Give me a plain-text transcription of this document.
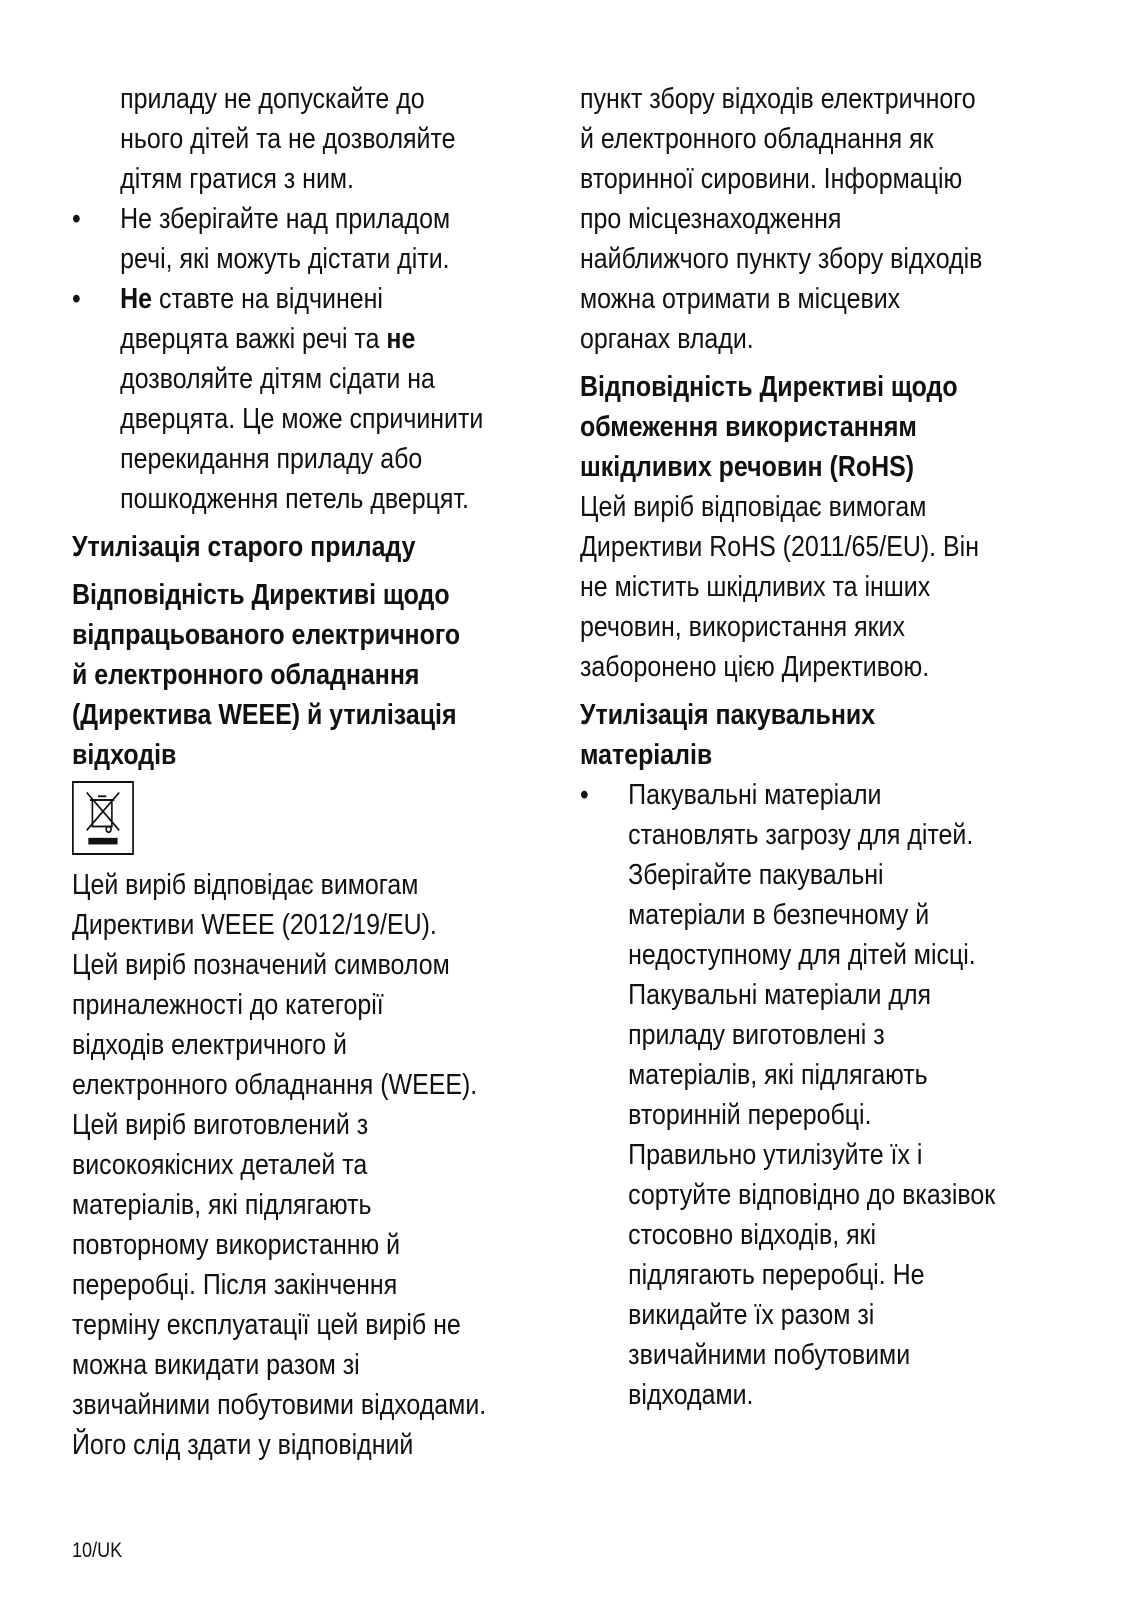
приладу не допускайте до
нього дітей та не дозволяйте
дітям гратися з ним.

• Не зберігайте над приладом
речі, які можуть дістати діти.

• Не ставте на відчинені
дверцята важкі речі та не
дозволяйте дітям сідати на
дверцята. Це може спричинити
перекидання приладу або
пошкодження петель дверцят.

Утилізація старого приладу

Відповідність Директиві щодо
відпрацьованого електричного
й електронного обладнання
(Директива WEEE) й утилізація
відходів

Цей виріб відповідає вимогам
Директиви WEEE (2012/19/EU).
Цей виріб позначений символом
приналежності до категорії
відходів електричного й
електронного обладнання (WEEE).
Цей виріб виготовлений з
високоякісних деталей та
матеріалів, які підлягають
повторному використанню й
переробці. Після закінчення
терміну експлуатації цей виріб не
можна викидати разом зі
звичайними побутовими відходами.
Його слід здати у відповідний

пункт збору відходів електричного
й електронного обладнання як
вторинної сировини. Інформацію
про місцезнаходження
найближчого пункту збору відходів
можна отримати в місцевих
органах влади.

Відповідність Директиві щодо
обмеження використанням
шкідливих речовин (RoHS)

Цей виріб відповідає вимогам
Директиви RoHS (2011/65/EU). Він
не містить шкідливих та інших
речовин, використання яких
заборонено цією Директивою.

Утилізація пакувальних
матеріалів

• Пакувальні матеріали
становлять загрозу для дітей.
Зберігайте пакувальні
матеріали в безпечному й
недоступному для дітей місці.
Пакувальні матеріали для
приладу виготовлені з
матеріалів, які підлягають
вторинній переробці.
Правильно утилізуйте їх і
сортуйте відповідно до вказівок
стосовно відходів, які
підлягають переробці. Не
викидайте їх разом зі
звичайними побутовими
відходами.

10/UK
